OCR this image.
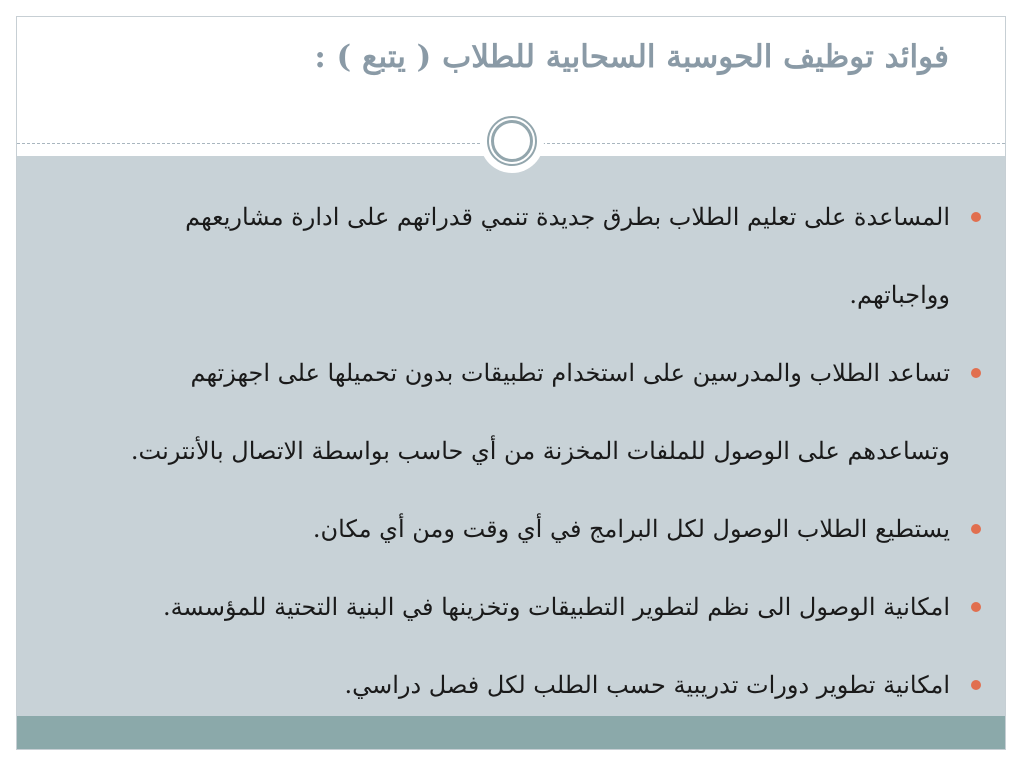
فوائد توظيف الحوسبة السحابية للطلاب ( يتبع ) :
المساعدة على تعليم الطلاب بطرق جديدة تنمي قدراتهم على ادارة مشاريعهم وواجباتهم.
تساعد الطلاب والمدرسين على استخدام تطبيقات بدون تحميلها على اجهزتهم وتساعدهم على الوصول للملفات المخزنة من أي حاسب بواسطة الاتصال بالأنترنت.
يستطيع الطلاب الوصول لكل البرامج في أي وقت ومن أي مكان.
امكانية الوصول الى نظم لتطوير التطبيقات وتخزينها في البنية التحتية للمؤسسة.
امكانية تطوير دورات تدريبية حسب الطلب لكل فصل دراسي.
